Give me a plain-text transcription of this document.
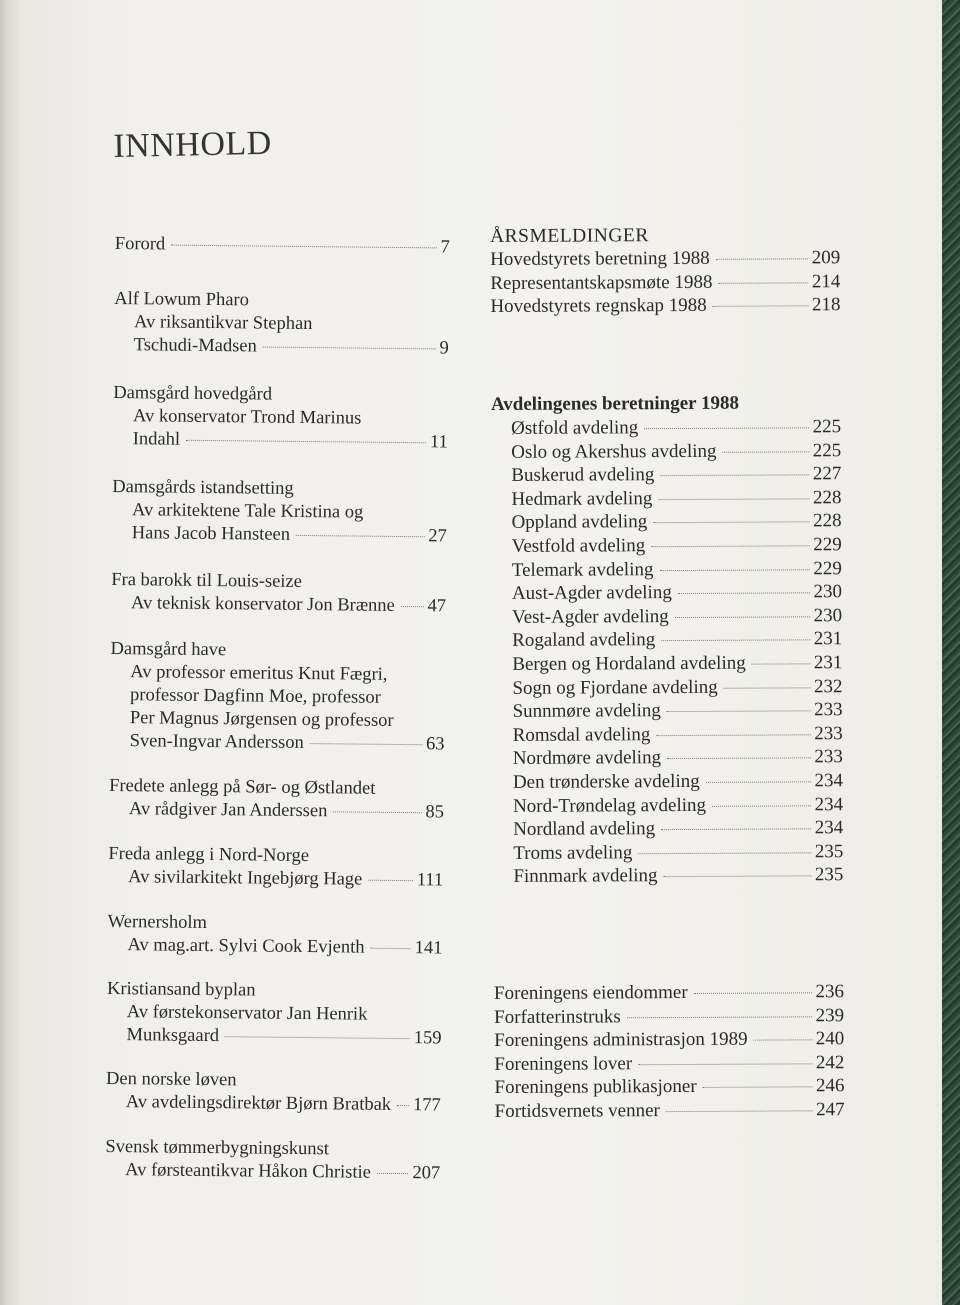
INNHOLD
Forord	7
Alf Lowum Pharo
Av riksantikvar Stephan
Tschudi-Madsen	9
Damsgård hovedgård
Av konservator Trond Marinus
Indahl	11
Damsgårds istandsetting
Av arkitektene Tale Kristina og
Hans Jacob Hansteen	27
Fra barokk til Louis-seize
Av teknisk konservator Jon Brænne 47
Damsgård have
Av professor emeritus Knut Fægri,
professor Dagfinn Moe, professor
Per Magnus Jørgensen og professor
Sven-Ingvar Andersson	63
Fredete anlegg på Sør- og Østlandet
Av rådgiver Jan Anderssen	85
Freda anlegg i Nord-Norge
Av sivilarkitekt Ingebjørg Hage	111
Wernersholm
Av mag.art. Sylvi Cook Evjenth	141
Kristiansand byplan
Av førstekonservator Jan Henrik
Munksgaard	159
Den norske løven
Av avdelingsdirektør Bjørn Bratbak 177
Svensk tømmerbygningskunst
Av førsteantikvar Håkon Christie 207
ÅRSMELDINGER
Hovedstyrets beretning 1988	209
Representantskapsmøte 1988	214
Hovedstyrets regnskap 1988	218
Avdelingenes beretninger 1988
Østfold avdeling	225
Oslo og Akershus avdeling	225
Buskerud avdeling	227
Hedmark avdeling	228
Oppland avdeling	228
Vestfold avdeling	229
Telemark avdeling	229
Aust-Agder avdeling	230
Vest-Agder avdeling	230
Rogaland avdeling	231
Bergen og Hordaland avdeling	231
Sogn og Fjordane avdeling	232
Sunnmøre avdeling	233
Romsdal avdeling	233
Nordmøre avdeling	233
Den trønderske avdeling	234
Nord-Trøndelag avdeling	234
Nordland avdeling	234
Troms avdeling	235
Finnmark avdeling	235
Foreningens eiendommer	236
Forfatterinstruks	239
Foreningens administrasjon 1989	240
Foreningens lover	242
Foreningens publikasjoner	246
Fortidsvernets venner	247
